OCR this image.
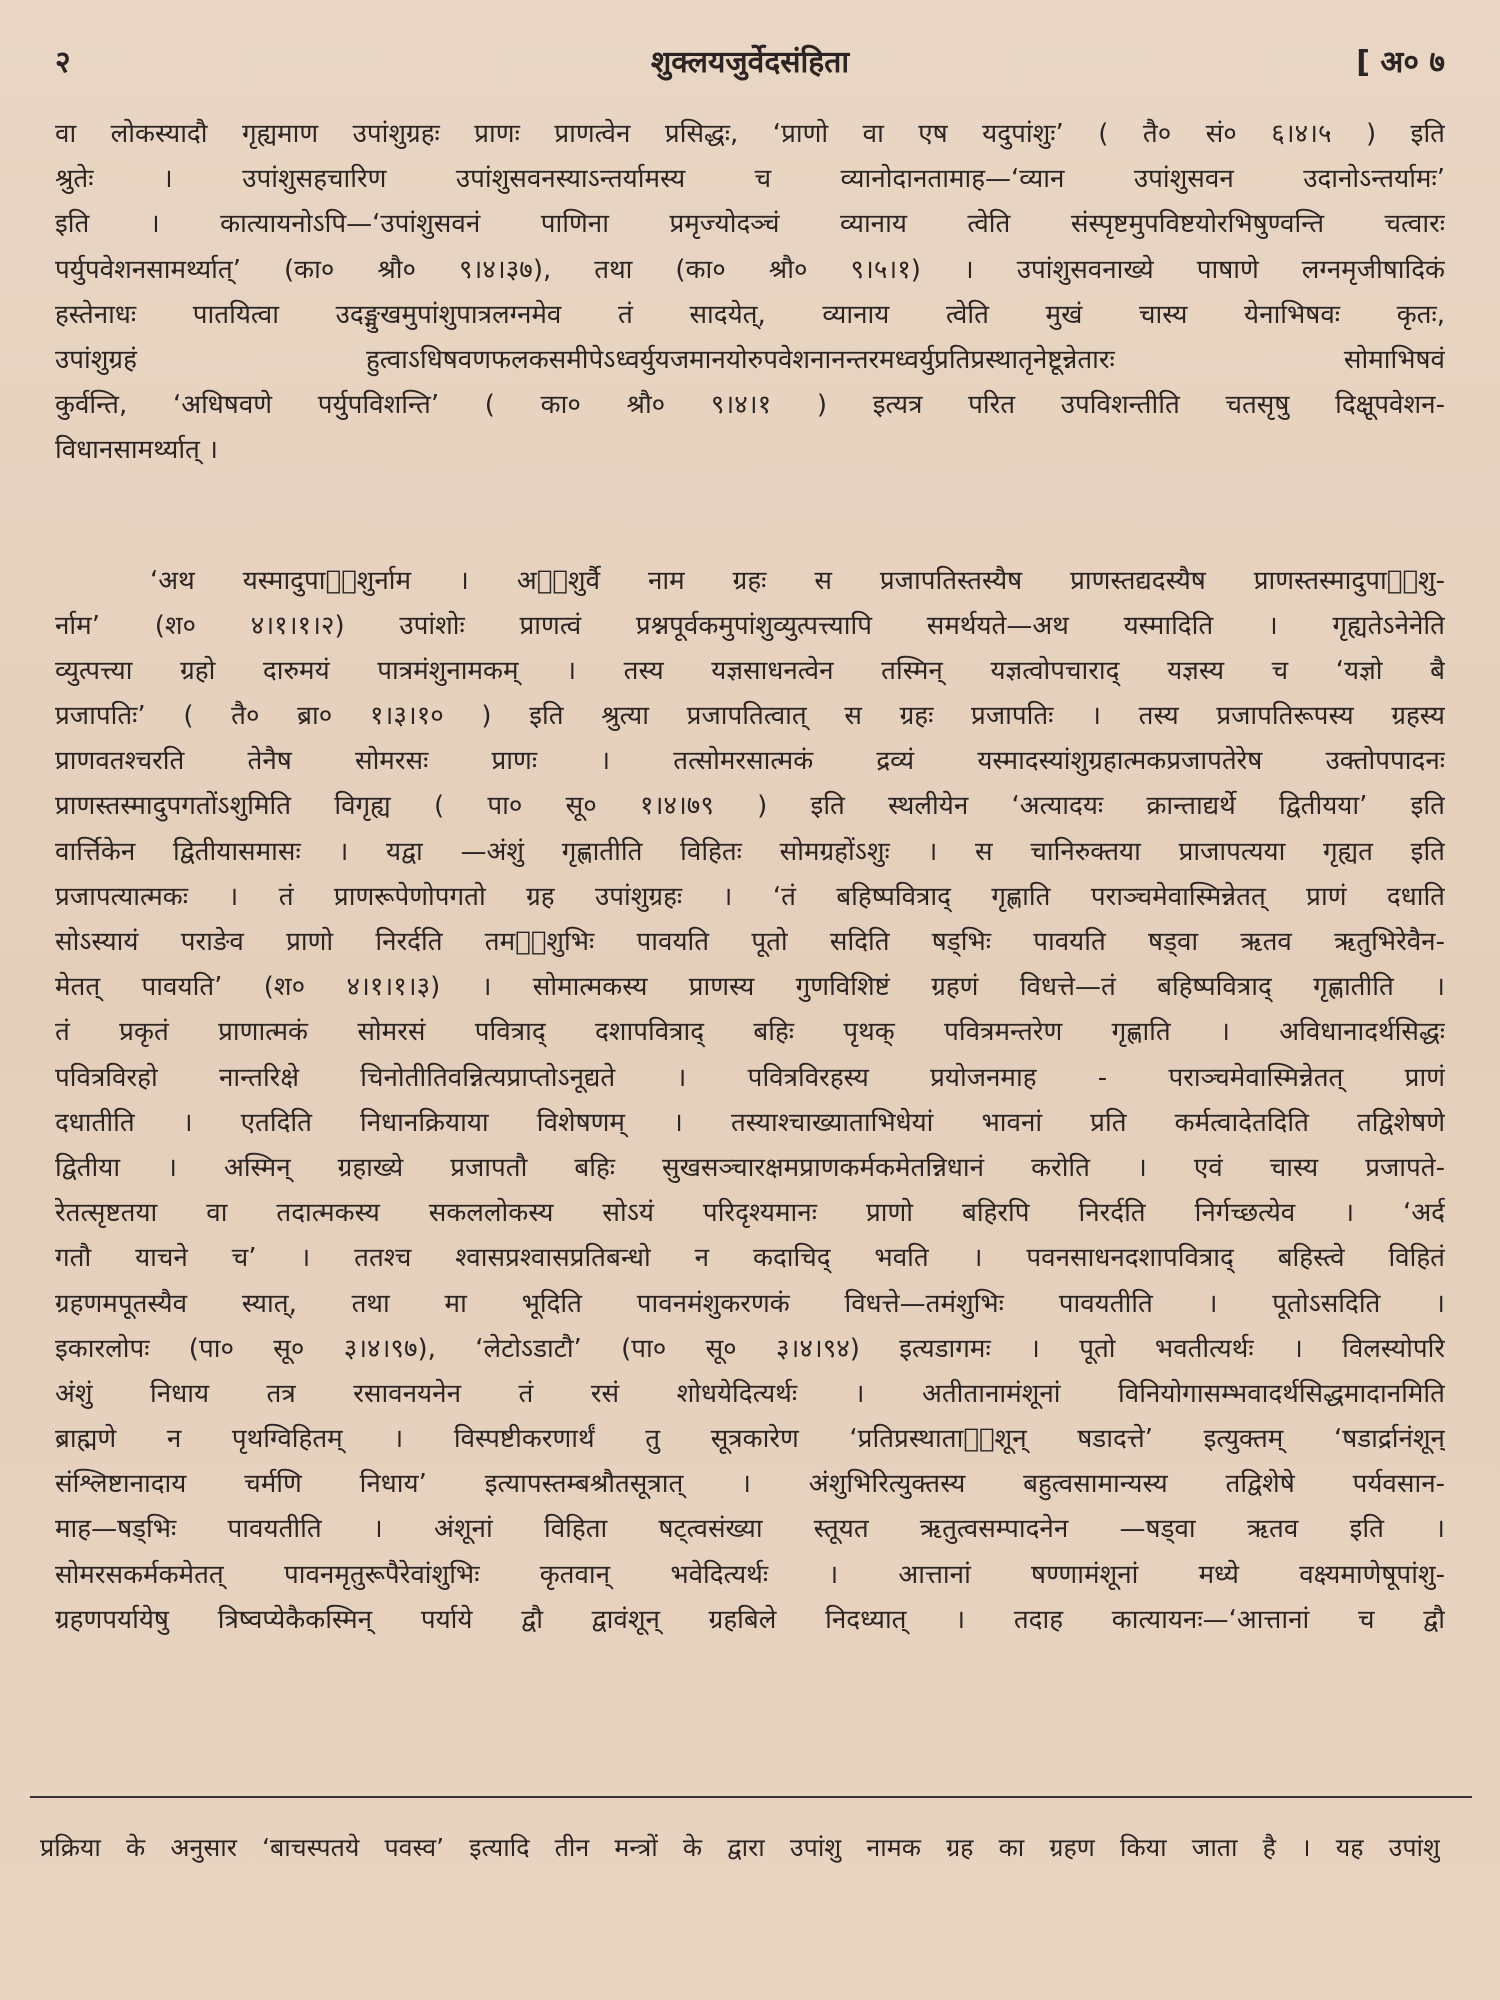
२	शुक्लयजुर्वेदसंहिता	[ अ० ७
वा लोकस्यादौ गृह्यमाण उपांशुग्रहः प्राणः प्राणत्वेन प्रसिद्धः, ‘प्राणो वा एष यदुपांशुः’ ( तै० सं० ६।४।५ ) इति
श्रुतेः । उपांशुसहचारिण उपांशुसवनस्याऽन्तर्यामस्य च व्यानोदानतामाह—‘व्यान उपांशुसवन उदानोऽन्तर्यामः’
इति । कात्यायनोऽपि—‘उपांशुसवनं पाणिना प्रमृज्योदञ्चं व्यानाय त्वेति संस्पृष्टमुपविष्टयोरभिषुण्वन्ति चत्वारः
पर्युपवेशनसामर्थ्यात्’ (का० श्रौ० ९।४।३७), तथा (का० श्रौ० ९।५।१) । उपांशुसवनाख्ये पाषाणे लग्नमृजीषादिकं
हस्तेनाधः पातयित्वा उदङ्मुखमुपांशुपात्रलग्नमेव तं सादयेत्, व्यानाय त्वेति मुखं चास्य येनाभिषवः कृतः,
उपांशुग्रहं हुत्वाऽधिषवणफलकसमीपेऽध्वर्युयजमानयोरुपवेशनानन्तरमध्वर्युप्रतिप्रस्थातृनेष्टून्नेतारः सोमाभिषवं
कुर्वन्ति, ‘अधिषवणे पर्युपविशन्ति’ ( का० श्रौ० ९।४।१ ) इत्यत्र परित उपविशन्तीति चतसृषु दिक्षूपवेशन-
विधानसामर्थ्यात् ।
‘अथ यस्मादुपाᳬंशुर्नाम । अᳬंशुर्वै नाम ग्रहः स प्रजापतिस्तस्यैष प्राणस्तद्यदस्यैष प्राणस्तस्मादुपाᳬंशु-
र्नाम’ (श० ४।१।१।२) उपांशोः प्राणत्वं प्रश्नपूर्वकमुपांशुव्युत्पत्त्यापि समर्थयते—अथ यस्मादिति । गृह्यतेऽनेनेति
व्युत्पत्त्या ग्रहो दारुमयं पात्रमंशुनामकम् । तस्य यज्ञसाधनत्वेन तस्मिन् यज्ञत्वोपचाराद् यज्ञस्य च ‘यज्ञो बै
प्रजापतिः’ ( तै० ब्रा० १।३।१० ) इति श्रुत्या प्रजापतित्वात् स ग्रहः प्रजापतिः । तस्य प्रजापतिरूपस्य ग्रहस्य
प्राणवतश्चरति तेनैष सोमरसः प्राणः । तत्सोमरसात्मकं द्रव्यं यस्मादस्यांशुग्रहात्मकप्रजापतेरेष उक्तोपपादनः
प्राणस्तस्मादुपगतोंऽशुमिति विगृह्य ( पा० सू० १।४।७९ ) इति स्थलीयेन ‘अत्यादयः क्रान्ताद्यर्थे द्वितीयया’ इति
वार्त्तिकेन द्वितीयासमासः । यद्वा —अंशुं गृह्णातीति विहितः सोमग्रहोंऽशुः । स चानिरुक्तया प्राजापत्यया गृह्यत इति
प्रजापत्यात्मकः । तं प्राणरूपेणोपगतो ग्रह उपांशुग्रहः । ‘तं बहिष्पवित्राद् गृह्णाति पराञ्चमेवास्मिन्नेतत् प्राणं दधाति
सोऽस्यायं पराङेव प्राणो निरर्दति तमᳬंशुभिः पावयति पूतो सदिति षड्भिः पावयति षड्वा ऋतव ऋतुभिरेवैन-
मेतत् पावयति’ (श० ४।१।१।३) । सोमात्मकस्य प्राणस्य गुणविशिष्टं ग्रहणं विधत्ते—तं बहिष्पवित्राद् गृह्णातीति ।
तं प्रकृतं प्राणात्मकं सोमरसं पवित्राद् दशापवित्राद् बहिः पृथक् पवित्रमन्तरेण गृह्णाति । अविधानादर्थसिद्धः
पवित्रविरहो नान्तरिक्षे चिनोतीतिवन्नित्यप्राप्तोऽनूद्यते । पवित्रविरहस्य प्रयोजनमाह - पराञ्चमेवास्मिन्नेतत् प्राणं
दधातीति । एतदिति निधानक्रियाया विशेषणम् । तस्याश्चाख्याताभिधेयां भावनां प्रति कर्मत्वादेतदिति तद्विशेषणे
द्वितीया । अस्मिन् ग्रहाख्ये प्रजापतौ बहिः सुखसञ्चारक्षमप्राणकर्मकमेतन्निधानं करोति । एवं चास्य प्रजापते-
रेतत्सृष्टतया वा तदात्मकस्य सकललोकस्य सोऽयं परिदृश्यमानः प्राणो बहिरपि निरर्दति निर्गच्छत्येव । ‘अर्द
गतौ याचने च’ । ततश्च श्वासप्रश्वासप्रतिबन्धो न कदाचिद् भवति । पवनसाधनदशापवित्राद् बहिस्त्वे विहितं
ग्रहणमपूतस्यैव स्यात्, तथा मा भूदिति पावनमंशुकरणकं विधत्ते—तमंशुभिः पावयतीति । पूतोऽसदिति ।
इकारलोपः (पा० सू० ३।४।९७), ‘लेटोऽडाटौ’ (पा० सू० ३।४।९४) इत्यडागमः । पूतो भवतीत्यर्थः । विलस्योपरि
अंशुं निधाय तत्र रसावनयनेन तं रसं शोधयेदित्यर्थः । अतीतानामंशूनां विनियोगासम्भवादर्थसिद्धमादानमिति
ब्राह्मणे न पृथग्विहितम् । विस्पष्टीकरणार्थं तु सूत्रकारेण ‘प्रतिप्रस्थाताᳬंशून् षडादत्ते’ इत्युक्तम् ‘षडार्द्रानंशून्
संश्लिष्टानादाय चर्मणि निधाय’ इत्यापस्तम्बश्रौतसूत्रात् । अंशुभिरित्युक्तस्य बहुत्वसामान्यस्य तद्विशेषे पर्यवसान-
माह—षड्भिः पावयतीति । अंशूनां विहिता षट्त्वसंख्या स्तूयत ऋतुत्वसम्पादनेन —षड्वा ऋतव इति ।
सोमरसकर्मकमेतत् पावनमृतुरूपैरेवांशुभिः कृतवान् भवेदित्यर्थः । आत्तानां षण्णामंशूनां मध्ये वक्ष्यमाणेषूपांशु-
ग्रहणपर्यायेषु त्रिष्वप्येकैकस्मिन् पर्याये द्वौ द्वावंशून् ग्रहबिले निदध्यात् । तदाह कात्यायनः—‘आत्तानां च द्वौ
प्रक्रिया के अनुसार ‘बाचस्पतये पवस्व’ इत्यादि तीन मन्त्रों के द्वारा उपांशु नामक ग्रह का ग्रहण किया जाता है । यह उपांशु
